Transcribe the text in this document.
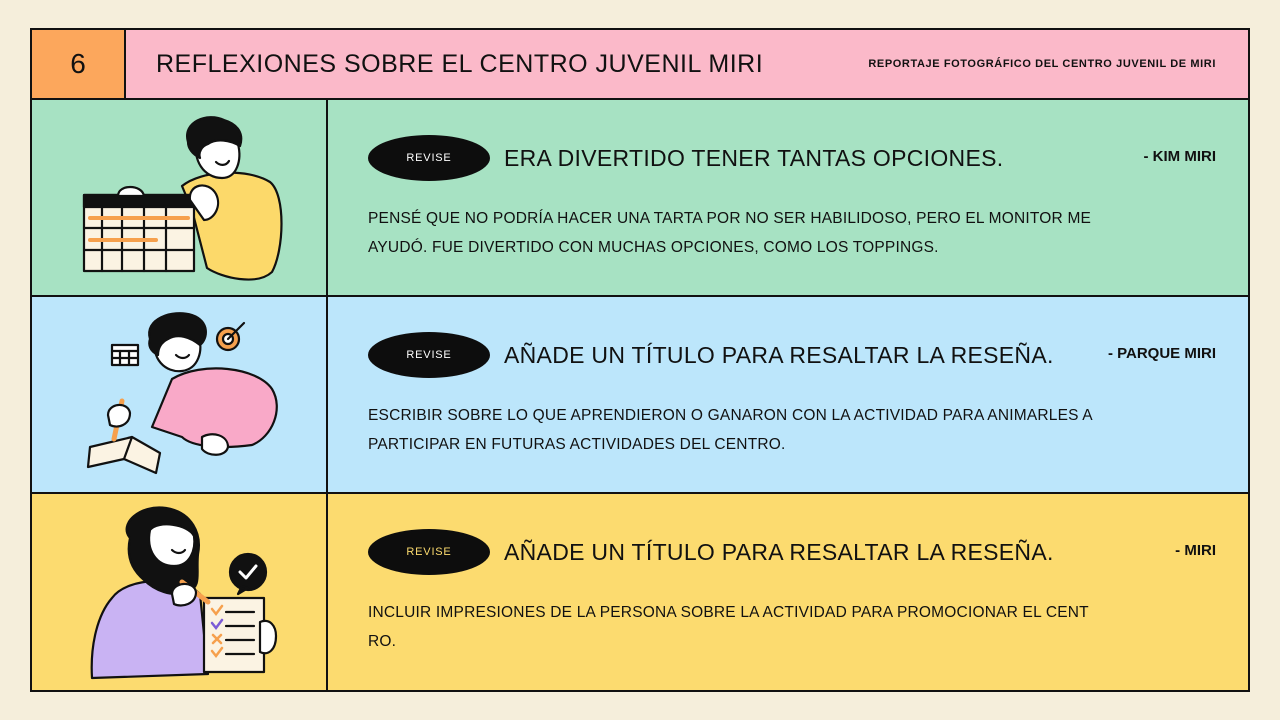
6	REFLEXIONES SOBRE EL CENTRO JUVENIL MIRI	REPORTAJE FOTOGRÁFICO DEL CENTRO JUVENIL DE MIRI
REVISE	ERA DIVERTIDO TENER TANTAS OPCIONES.	- KIM MIRI
PENSÉ QUE NO PODRÍA HACER UNA TARTA POR NO SER HABILIDOSO, PERO EL MONITOR ME AYUDÓ. FUE DIVERTIDO CON MUCHAS OPCIONES, COMO LOS TOPPINGS.
REVISE	AÑADE UN TÍTULO PARA RESALTAR LA RESEÑA.	- PARQUE MIRI
ESCRIBIR SOBRE LO QUE APRENDIERON O GANARON CON LA ACTIVIDAD PARA ANIMARLES A PARTICIPAR EN FUTURAS ACTIVIDADES DEL CENTRO.
REVISE	AÑADE UN TÍTULO PARA RESALTAR LA RESEÑA.	- MIRI
INCLUIR IMPRESIONES DE LA PERSONA SOBRE LA ACTIVIDAD PARA PROMOCIONAR EL CENTRO.
